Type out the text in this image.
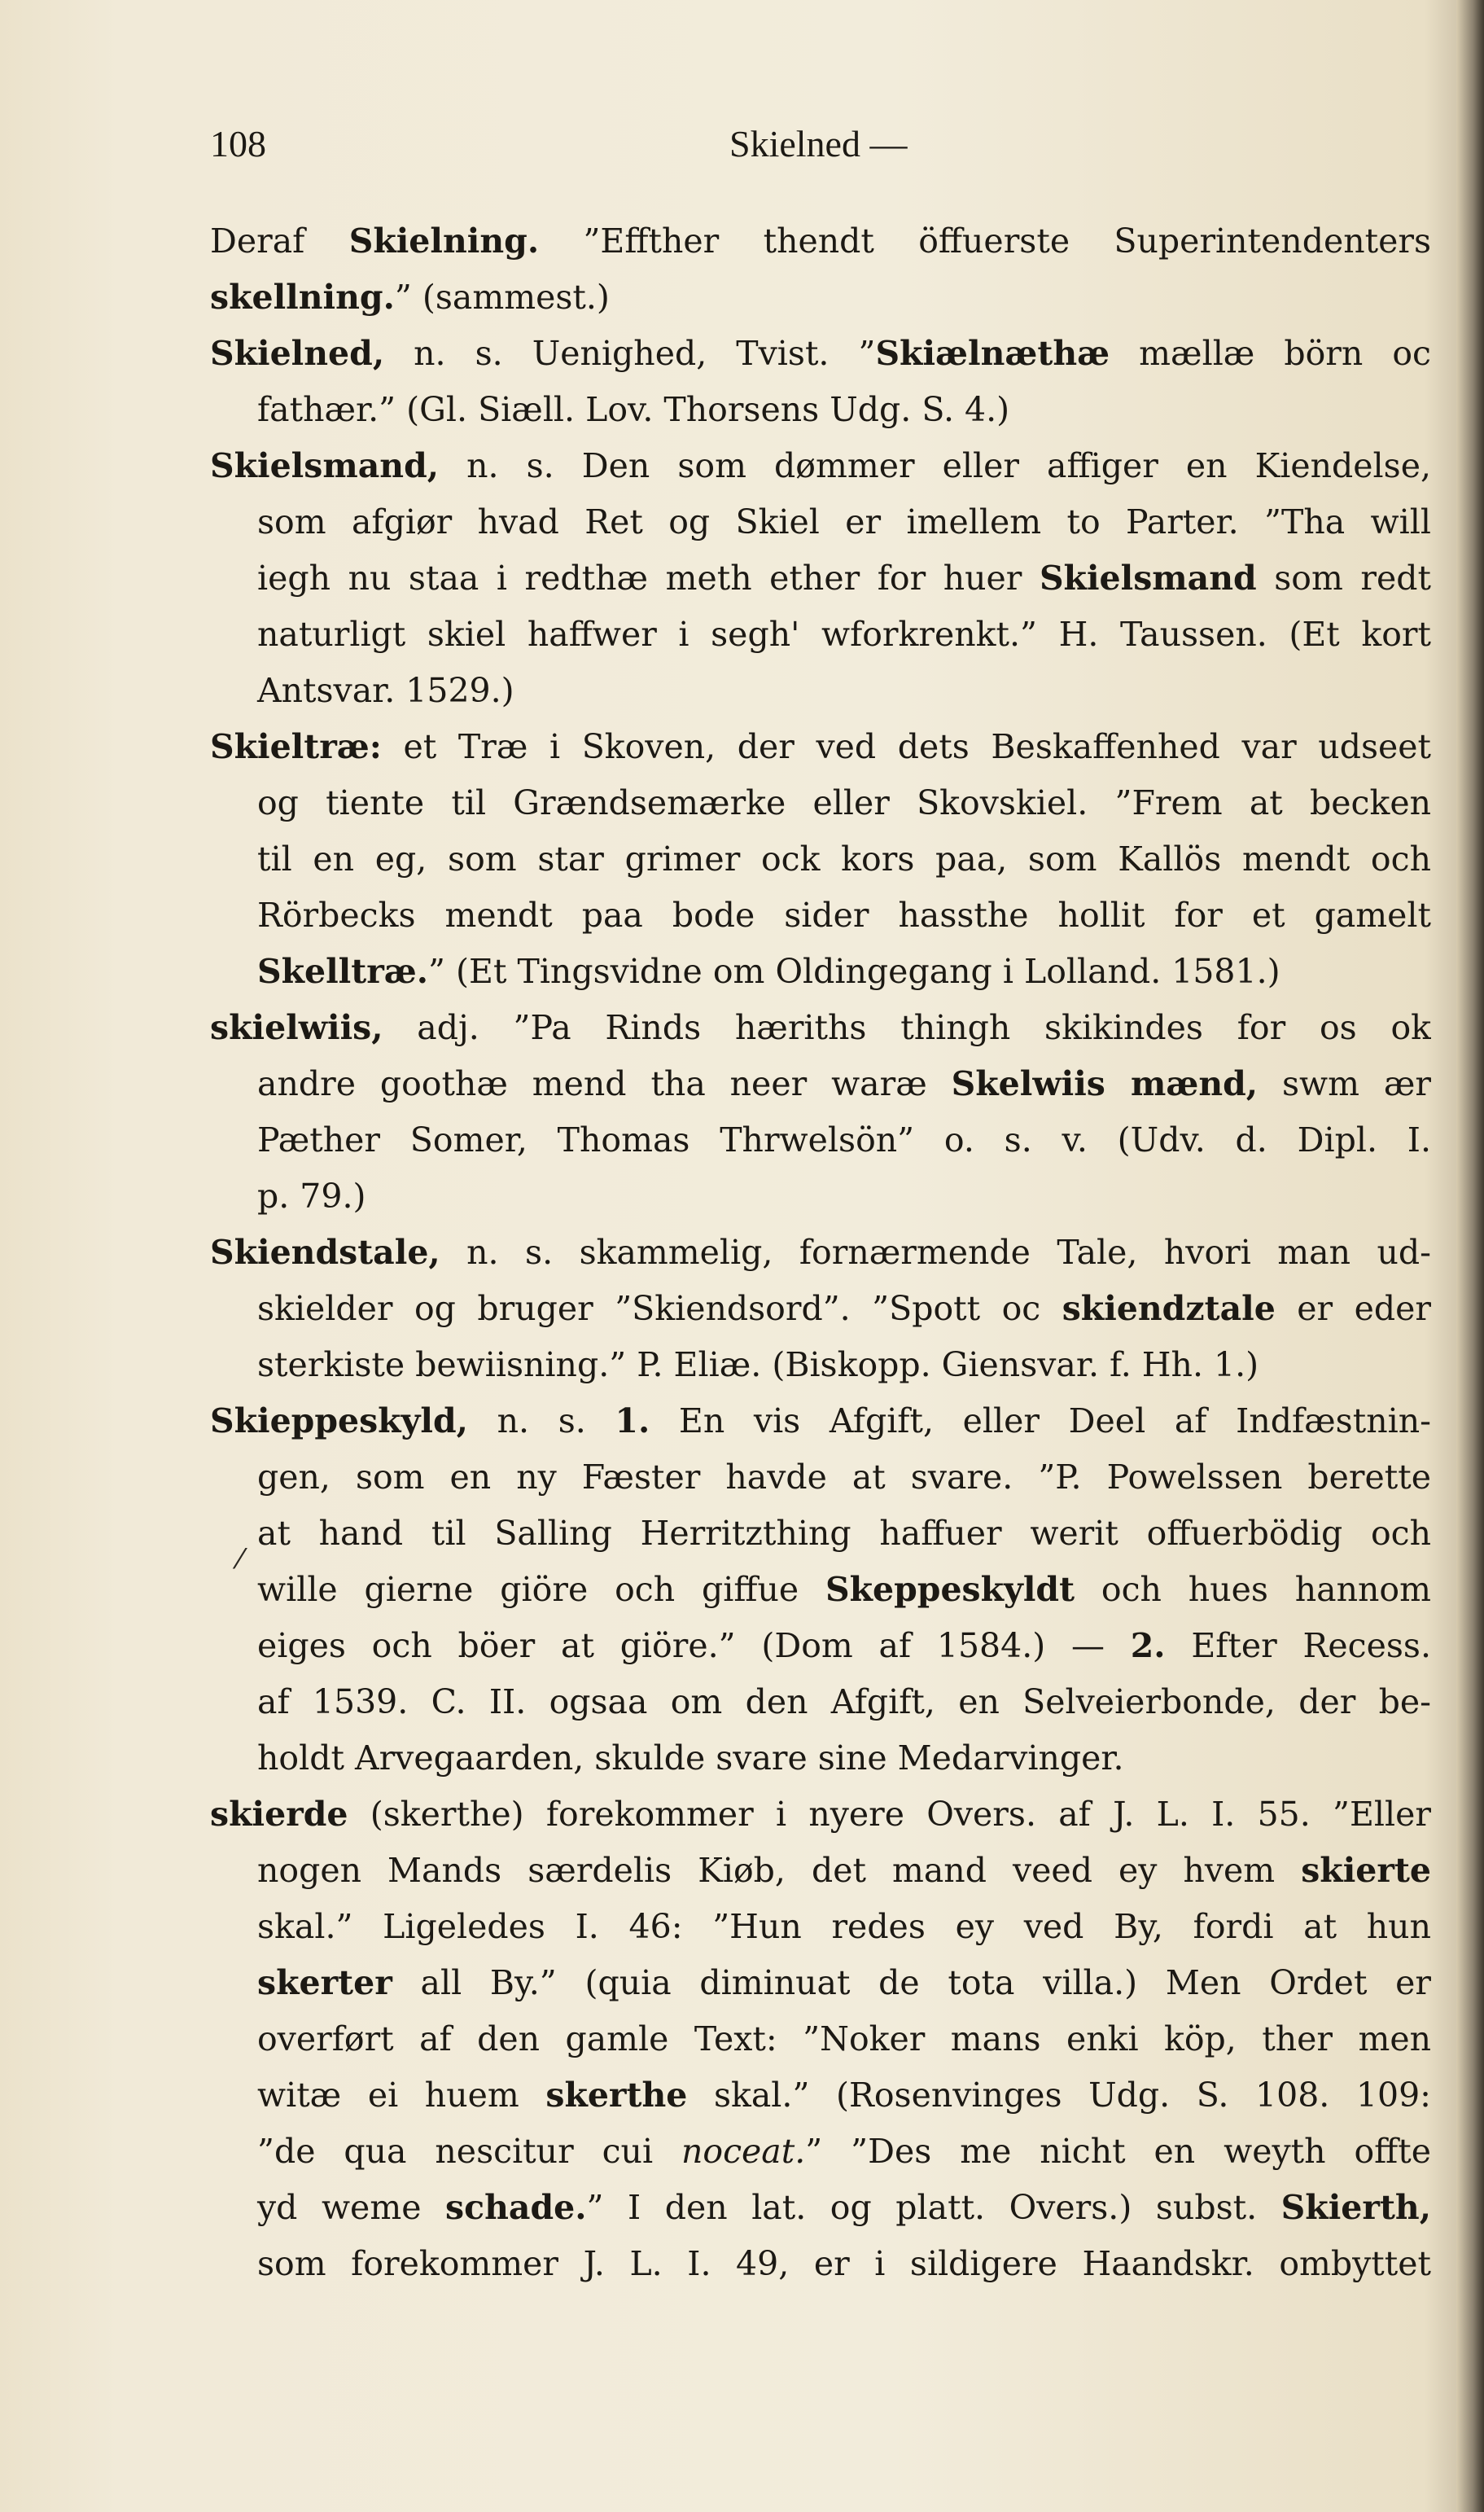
108	Skielned —
Deraf Skielning. ”Effther thendt öffuerste Superintendenters
skellning.” (sammest.)
Skielned, n. s. Uenighed, Tvist. ”Skiælnæthæ mællæ börn oc
fathær.” (Gl. Siæll. Lov. Thorsens Udg. S. 4.)
Skielsmand, n. s. Den som dømmer eller affiger en Kiendelse,
som afgiør hvad Ret og Skiel er imellem to Parter. ”Tha will
iegh nu staa i redthæ meth ether for huer Skielsmand som redt
naturligt skiel haffwer i segh' wforkrenkt.” H. Taussen. (Et kort
Antsvar. 1529.)
Skieltræ: et Træ i Skoven, der ved dets Beskaffenhed var udseet
og tiente til Grændsemærke eller Skovskiel. ”Frem at becken
til en eg, som star grimer ock kors paa, som Kallös mendt och
Rörbecks mendt paa bode sider hassthe hollit for et gamelt
Skelltræ.” (Et Tingsvidne om Oldingegang i Lolland. 1581.)
skielwiis, adj. ”Pa Rinds hæriths thingh skikindes for os ok
andre goothæ mend tha neer waræ Skelwiis mænd, swm ær
Pæther Somer, Thomas Thrwelsön” o. s. v. (Udv. d. Dipl. I.
p. 79.)
Skiendstale, n. s. skammelig, fornærmende Tale, hvori man ud-
skielder og bruger ”Skiendsord”. ”Spott oc skiendztale er eder
sterkiste bewiisning.” P. Eliæ. (Biskopp. Giensvar. f. Hh. 1.)
Skieppeskyld, n. s. 1. En vis Afgift, eller Deel af Indfæstnin-
gen, som en ny Fæster havde at svare. ”P. Powelssen berette
at hand til Salling Herritzthing haffuer werit offuerbödig och
wille gierne giöre och giffue Skeppeskyldt och hues hannom
eiges och böer at giöre.” (Dom af 1584.) — 2. Efter Recess.
af 1539. C. II. ogsaa om den Afgift, en Selveierbonde, der be-
holdt Arvegaarden, skulde svare sine Medarvinger.
skierde (skerthe) forekommer i nyere Overs. af J. L. I. 55. ”Eller
nogen Mands særdelis Kiøb, det mand veed ey hvem skierte
skal.” Ligeledes I. 46: ”Hun redes ey ved By, fordi at hun
skerter all By.” (quia diminuat de tota villa.) Men Ordet er
overført af den gamle Text: ”Noker mans enki köp, ther men
witæ ei huem skerthe skal.” (Rosenvinges Udg. S. 108. 109:
”de qua nescitur cui noceat.” ”Des me nicht en weyth offte
yd weme schade.” I den lat. og platt. Overs.) subst. Skierth,
som forekommer J. L. I. 49, er i sildigere Haandskr. ombyttet
⁄
